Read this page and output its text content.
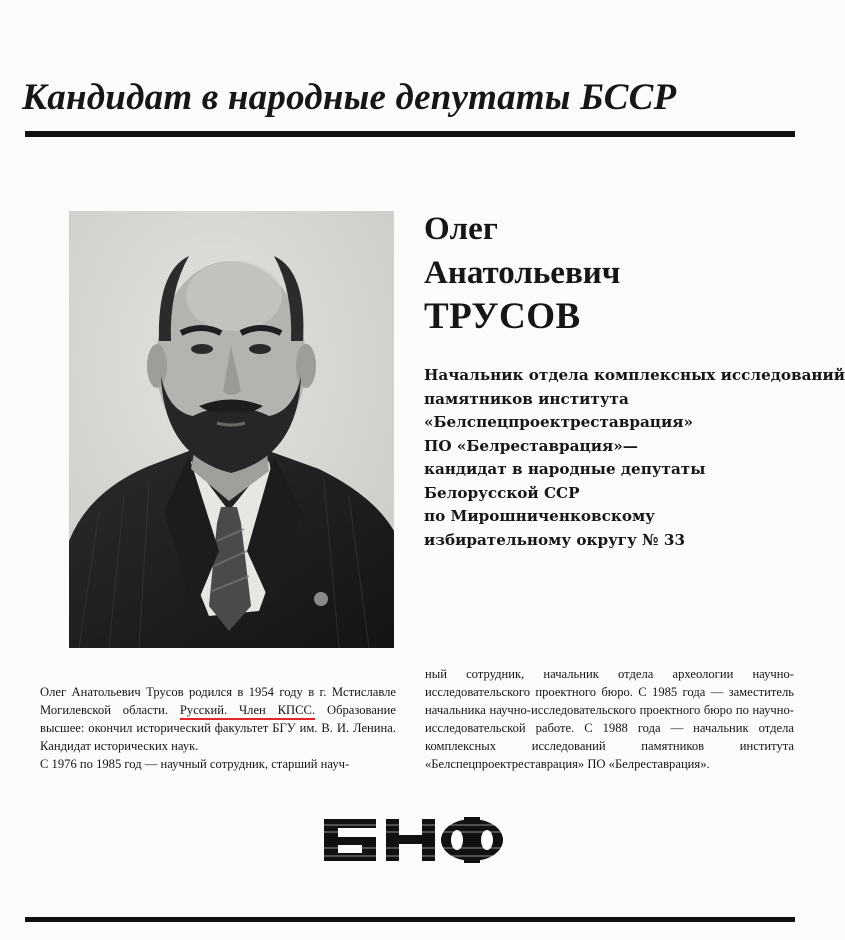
Кандидат в народные депутаты БССР
Олег
Анатольевич
ТРУСОВ
Начальник отдела комплексных исследований
памятников института
«Белспецпроектреставрация»
ПО «Белреставрация»—
кандидат в народные депутаты
Белорусской ССР
по Мирошниченковскому
избирательному округу № 33

Олег Анатольевич Трусов родился в 1954 году в г. Мстиславле Могилевской области. Русский. Член КПСС. Образование высшее: окончил исторический факультет БГУ им. В. И. Ленина. Кандидат исторических наук.

С 1976 по 1985 год — научный сотрудник, старший науч-

ный сотрудник, начальник отдела археологии научно-исследовательского проектного бюро. С 1985 года — заместитель начальника научно-исследовательского проектного бюро по научно-исследовательской работе. С 1988 года — начальник отдела комплексных исследований памятников института «Белспецпроектреставрация» ПО «Белреставрация».
